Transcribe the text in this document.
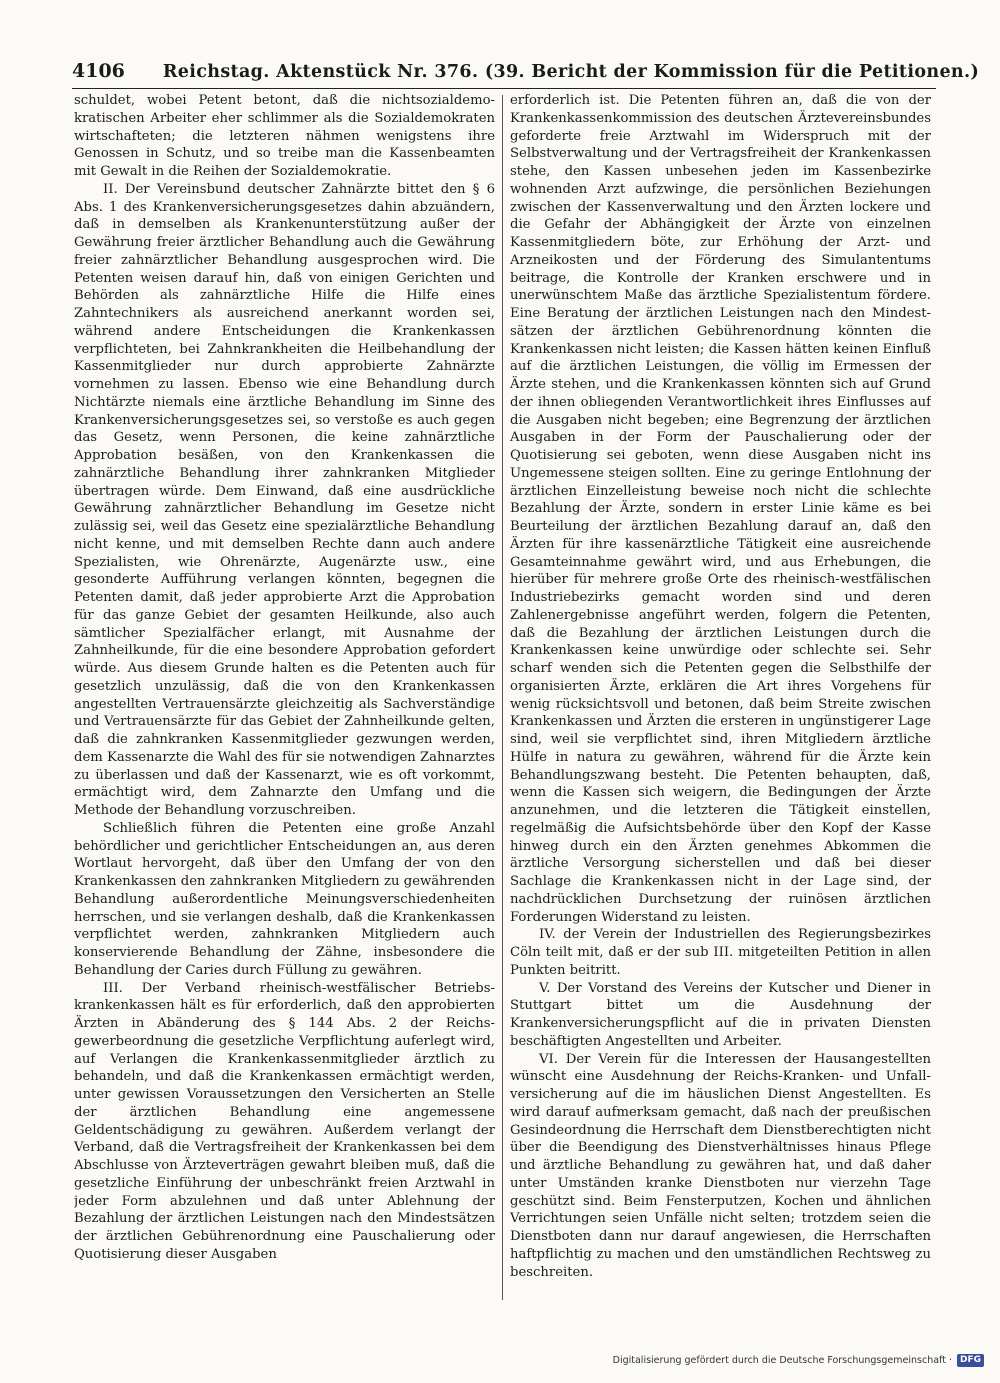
4106 Reichstag. Aktenstück Nr. 376. (39. Bericht der Kommission für die Petitionen.)

schuldet, wobei Petent betont, daß die nichtsozialdemokratischen Arbeiter eher schlimmer als die Sozialdemokraten wirtschafteten; die letzteren nähmen wenigstens ihre Genossen in Schutz, und so treibe man die Kassenbeamten mit Gewalt in die Reihen der Sozialdemokratie.

II. Der Vereinsbund deutscher Zahnärzte bittet den § 6 Abs. 1 des Krankenversicherungsgesetzes dahin abzuändern, daß in demselben als Krankenunterstützung außer der Gewährung freier ärztlicher Behandlung auch die Gewährung freier zahnärztlicher Behandlung ausgesprochen wird. Die Petenten weisen darauf hin, daß von einigen Gerichten und Behörden als zahnärztliche Hilfe die Hilfe eines Zahntechnikers als ausreichend anerkannt worden sei, während andere Entscheidungen die Krankenkassen verpflichteten, bei Zahnkrankheiten die Heilbehandlung der Kassenmitglieder nur durch approbierte Zahnärzte vornehmen zu lassen. Ebenso wie eine Behandlung durch Nichtärzte niemals eine ärztliche Behandlung im Sinne des Krankenversicherungsgesetzes sei, so verstoße es auch gegen das Gesetz, wenn Personen, die keine zahnärztliche Approbation besäßen, von den Krankenkassen die zahnärztliche Behandlung ihrer zahnkranken Mitglieder übertragen würde. Dem Einwand, daß eine ausdrückliche Gewährung zahnärztlicher Behandlung im Gesetze nicht zulässig sei, weil das Gesetz eine spezialärztliche Behandlung nicht kenne, und mit demselben Rechte dann auch andere Spezialisten, wie Ohrenärzte, Augenärzte usw., eine gesonderte Aufführung verlangen könnten, begegnen die Petenten damit, daß jeder approbierte Arzt die Approbation für das ganze Gebiet der gesamten Heilkunde, also auch sämtlicher Spezialfächer erlangt, mit Ausnahme der Zahnheilkunde, für die eine besondere Approbation gefordert würde. Aus diesem Grunde halten es die Petenten auch für gesetzlich unzulässig, daß die von den Krankenkassen angestellten Vertrauensärzte gleichzeitig als Sachverständige und Vertrauensärzte für das Gebiet der Zahnheilkunde gelten, daß die zahnkranken Kassenmitglieder gezwungen werden, dem Kassenarzte die Wahl des für sie notwendigen Zahnarztes zu überlassen und daß der Kassenarzt, wie es oft vorkommt, ermächtigt wird, dem Zahnarzte den Umfang und die Methode der Behandlung vorzuschreiben.

Schließlich führen die Petenten eine große Anzahl behördlicher und gerichtlicher Entscheidungen an, aus deren Wortlaut hervorgeht, daß über den Umfang der von den Krankenkassen den zahnkranken Mitgliedern zu gewährenden Behandlung außerordentliche Meinungsverschiedenheiten herrschen, und sie verlangen deshalb, daß die Krankenkassen verpflichtet werden, zahnkranken Mitgliedern auch konservierende Behandlung der Zähne, insbesondere die Behandlung der Caries durch Füllung zu gewähren.

III. Der Verband rheinisch-westfälischer Betriebskrankenkassen hält es für erforderlich, daß den approbierten Ärzten in Abänderung des § 144 Abs. 2 der Reichsgewerbeordnung die gesetzliche Verpflichtung auferlegt wird, auf Verlangen die Krankenkassenmitglieder ärztlich zu behandeln, und daß die Krankenkassen ermächtigt werden, unter gewissen Voraussetzungen den Versicherten an Stelle der ärztlichen Behandlung eine angemessene Geldentschädigung zu gewähren. Außerdem verlangt der Verband, daß die Vertragsfreiheit der Krankenkassen bei dem Abschlusse von Ärzteverträgen gewahrt bleiben muß, daß die gesetzliche Einführung der unbeschränkt freien Arztwahl in jeder Form abzulehnen und daß unter Ablehnung der Bezahlung der ärztlichen Leistungen nach den Mindestsätzen der ärztlichen Gebührenordnung eine Pauschalierung oder Quotisierung dieser Ausgaben

erforderlich ist. Die Petenten führen an, daß die von der Krankenkassenkommission des deutschen Ärztevereinsbundes geforderte freie Arztwahl im Widerspruch mit der Selbstverwaltung und der Vertragsfreiheit der Krankenkassen stehe, den Kassen unbesehen jeden im Kassenbezirke wohnenden Arzt aufzwinge, die persönlichen Beziehungen zwischen der Kassenverwaltung und den Ärzten lockere und die Gefahr der Abhängigkeit der Ärzte von einzelnen Kassenmitgliedern böte, zur Erhöhung der Arzt- und Arzneikosten und der Förderung des Simulantentums beitrage, die Kontrolle der Kranken erschwere und in unerwünschtem Maße das ärztliche Spezialistentum fördere. Eine Beratung der ärztlichen Leistungen nach den Mindestsätzen der ärztlichen Gebührenordnung könnten die Krankenkassen nicht leisten; die Kassen hätten keinen Einfluß auf die ärztlichen Leistungen, die völlig im Ermessen der Ärzte stehen, und die Krankenkassen könnten sich auf Grund der ihnen obliegenden Verantwortlichkeit ihres Einflusses auf die Ausgaben nicht begeben; eine Begrenzung der ärztlichen Ausgaben in der Form der Pauschalierung oder der Quotisierung sei geboten, wenn diese Ausgaben nicht ins Ungemessene steigen sollten. Eine zu geringe Entlohnung der ärztlichen Einzelleistung beweise noch nicht die schlechte Bezahlung der Ärzte, sondern in erster Linie käme es bei Beurteilung der ärztlichen Bezahlung darauf an, daß den Ärzten für ihre kassenärztliche Tätigkeit eine ausreichende Gesamteinnahme gewährt wird, und aus Erhebungen, die hierüber für mehrere große Orte des rheinisch-westfälischen Industriebezirks gemacht worden sind und deren Zahlenergebnisse angeführt werden, folgern die Petenten, daß die Bezahlung der ärztlichen Leistungen durch die Krankenkassen keine unwürdige oder schlechte sei. Sehr scharf wenden sich die Petenten gegen die Selbsthilfe der organisierten Ärzte, erklären die Art ihres Vorgehens für wenig rücksichtsvoll und betonen, daß beim Streite zwischen Krankenkassen und Ärzten die ersteren in ungünstigerer Lage sind, weil sie verpflichtet sind, ihren Mitgliedern ärztliche Hülfe in natura zu gewähren, während für die Ärzte kein Behandlungszwang besteht. Die Petenten behaupten, daß, wenn die Kassen sich weigern, die Bedingungen der Ärzte anzunehmen, und die letzteren die Tätigkeit einstellen, regelmäßig die Aufsichtsbehörde über den Kopf der Kasse hinweg durch ein den Ärzten genehmes Abkommen die ärztliche Versorgung sicherstellen und daß bei dieser Sachlage die Krankenkassen nicht in der Lage sind, der nachdrücklichen Durchsetzung der ruinösen ärztlichen Forderungen Widerstand zu leisten.

IV. der Verein der Industriellen des Regierungsbezirkes Cöln teilt mit, daß er der sub III. mitgeteilten Petition in allen Punkten beitritt.

V. Der Vorstand des Vereins der Kutscher und Diener in Stuttgart bittet um die Ausdehnung der Krankenversicherungspflicht auf die in privaten Diensten beschäftigten Angestellten und Arbeiter.

VI. Der Verein für die Interessen der Hausangestellten wünscht eine Ausdehnung der Reichs-Kranken- und Unfallversicherung auf die im häuslichen Dienst Angestellten. Es wird darauf aufmerksam gemacht, daß nach der preußischen Gesindeordnung die Herrschaft dem Dienstberechtigten nicht über die Beendigung des Dienstverhältnisses hinaus Pflege und ärztliche Behandlung zu gewähren hat, und daß daher unter Umständen kranke Dienstboten nur vierzehn Tage geschützt sind. Beim Fensterputzen, Kochen und ähnlichen Verrichtungen seien Unfälle nicht selten; trotzdem seien die Dienstboten dann nur darauf angewiesen, die Herrschaften haftpflichtig zu machen und den umständlichen Rechtsweg zu beschreiten.

Digitalisierung gefördert durch die Deutsche Forschungsgemeinschaft · DFG
